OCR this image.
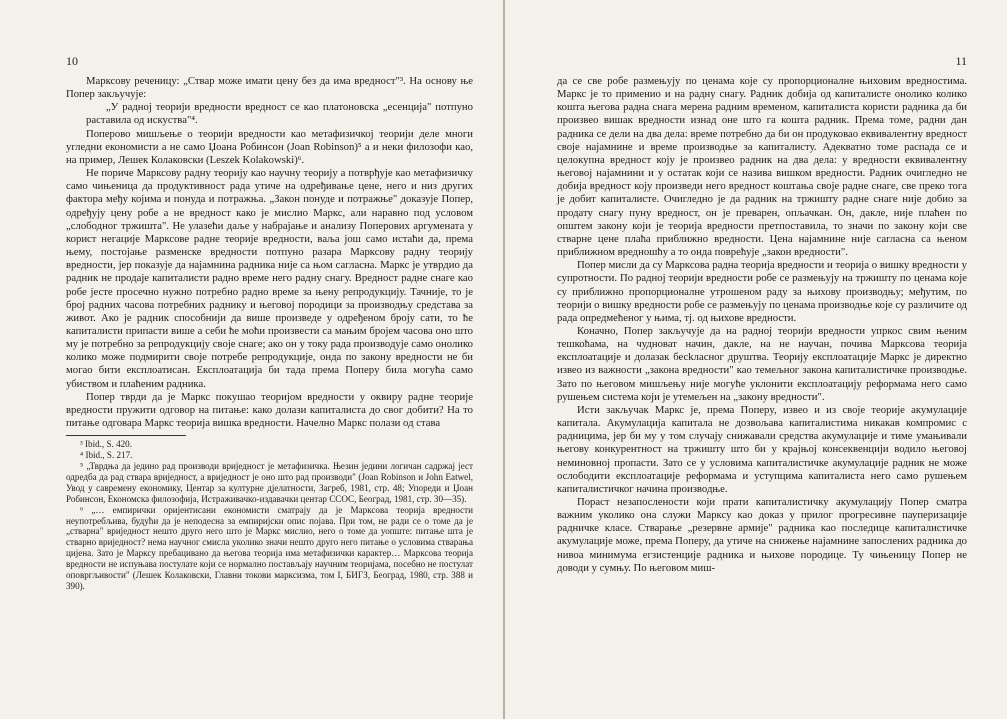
10

Марксову реченицу: „Ствар може имати цену без да има вредност"³. На основу ње Попер закључује:

„У радној теорији вредности вредност се као платоновска „есенција" потпуно раставила од искуства"⁴.

Поперово мишљење о теорији вредности као метафизичкој теорији деле многи угледни економисти а не само Џоана Робинсон (Joan Robinson)⁵ а и неки филозофи као, на пример, Лешек Колаковски (Leszek Kolakowski)⁶.

Не пориче Марксову радну теорију као научну теорију а потврђује као метафизичку само чињеница да продуктивност рада утиче на одређивање цене, него и низ других фактора међу којима и понуда и потражња. „Закон понуде и потражње" доказује Попер, одређују цену робе а не вредност како је мислио Маркс, али наравно под условом „слободног тржишта". Не улазећи даље у набрајање и анализу Поперових аргумената у корист негације Марксове радне теорије вредности, ваља још само истаћи да, према њему, постојање разменске вредности потпуно разара Марксову радну теорију вредности, јер показује да најамнина радника није са њом сагласна. Маркс је утврдио да радник не продаје капиталисти радно време него радну снагу. Вредност радне снаге као робе јесте просечно нужно потребно радно време за њену репродукцију. Тачније, то је број радних часова потребних раднику и његовој породици за производњу средстава за живот. Ако је радник способнији да више произведе у одређеном броју сати, то ће капиталисти припасти више а себи ће моћи произвести са мањим бројем часова оно што му је потребно за репродукцију своје снаге; ако он у току рада производује само онолико колико може подмирити своје потребе репродукције, онда по закону вредности не би могао бити експлоатисан. Експлоатација би тада према Попepy била могућа само убиством и плаћеним радника.

Попер тврди да је Маркс покушао теоријом вредности у оквиру радне теорије вредности пружити одговор на питање: како долази капиталиста до свог добити? На то питање одговара Маркс теорија вишка вредности. Начелно Маркс полази од става

³ Ibid., S. 420.

⁴ Ibid., S. 217.

⁵ „Тврдња да једино рад производи вриједност је метафизичка. Њезин једини логичан садржај јест одредба да рад ствара вриједност, а вриједност је оно што рад производи" (Joan Robinson и John Eatwel, Увод у савремену економику, Центар за културне дјелатности, Загреб, 1981, стр. 48; Упореди и Џоан Робинсон, Економска филозофија, Истраживачко-издавачки центар ССОС, Београд, 1981, стр. 30—35).

⁶ „… емпирички оријентисани економисти сматрају да је Марксова теорија вредности неупотребљива, будући да је неподесна за емпиријски опис појава. При том, не ради се о томе да је „стварна" вриједност нешто друго него што је Маркс мислио, него о томе да уопште: питање шта је стварно вриједност? нема научног смисла уколико значи нешто друго него питање о условима стварања цијена. Зато је Марксу пребацивано да његова теорија има метафизички карактер… Марксова теорија вредности не испуњава постулате који се нормално постављају научним теоријама, посебно не постулат оповргљивости" (Лешек Колаковски, Главни токови марксизма, том I, БИГЗ, Београд, 1980, стр. 388 и 390).

11

да се све робе размењују по ценама које су пропорционалне њиховим вредностима. Маркс је то применио и на радну снагу. Радник добија од капиталисте онолико колико кошта његова радна снага мерена радним временом, капиталиста користи радника да би произвео вишак вредности изнад оне што га кошта радник. Према томе, радни дан радника се дели на два дела: време потребно да би он продуковао еквивалентну вредност своје најамнине и време производње за капиталисту. Адекватно томе распада се и целокупна вредност коју је произвео радник на два дела: у вредности еквивалентну његовој најамнини и у остатак који се назива вишком вредности. Радник очигледно не добија вредност коју произведи него вредност коштања своје радне снаге, све преко тога је добит капиталисте. Очигледно је да радник на тржишту радне снаге није добио за продату снагу пуну вредност, он је преварен, опљачкан. Он, дакле, није плаћен по општем закону који је теорија вредности претпоставила, то значи по закону који све стварне цене плаћа приближно вредности. Цена најамнине није сагласна са њеном приближном вредношћу а то онда поврећује „закон вредности".

Попер мисли да су Марксова радна теорија вредности и теорија о вишку вредности у супротности. По радној теорији вредности робе се размењују на тржишту по ценама које су приближно пропорционалне утрошеном раду за њихову производњу; међутим, по теорији о вишку вредности робе се размењују по ценама производње које су различите од рада опредмећеног у њима, тј. од њихове вредности.

Коначно, Попер закључује да на радној теорији вредности упркос свим њеним тешкоћама, на чудноват начин, дакле, на не научан, почива Марксова теорија експлоатације и долазак бесkласног друштва. Теорију експлоатације Маркс је директно извео из важности „закона вредности" као темељног закона капиталистичке производње. Зато по његовом мишљењу није могуће уклонити експлоатацију реформама него само рушењем система који је утемељен на „закону вредности".

Исти закључак Маркс је, према Попepy, извео и из своје теорије акумулације капитала. Акумулација капитала не дозвољава капиталистима никакав компромис с радницима, јер би му у том случају снижавали средства акумулације и тиме умањивали његову конкурентност на тржишту што би у крајњој консеквенцији водило његовој неминовној пропасти. Зато се у условима капиталистичке акумулације радник не може ослободити експлоатације реформама и уступцима капиталиста него само рушењем капиталистичког начина производње.

Пораст незапослености који прати капиталистичку акумулацију Попер сматра важним уколико она служи Марксу као доказ у прилог прогресивне пауперизације радничке класе. Стварање „резервне армије" радника као последице капиталистичке акумулације може, према Поперу, да утиче на снижење најамнине запослених радника до нивоа минимума егзистенције радника и њихове породице. Ту чињеницу Попер не доводи у сумњу. По његовом миш-
